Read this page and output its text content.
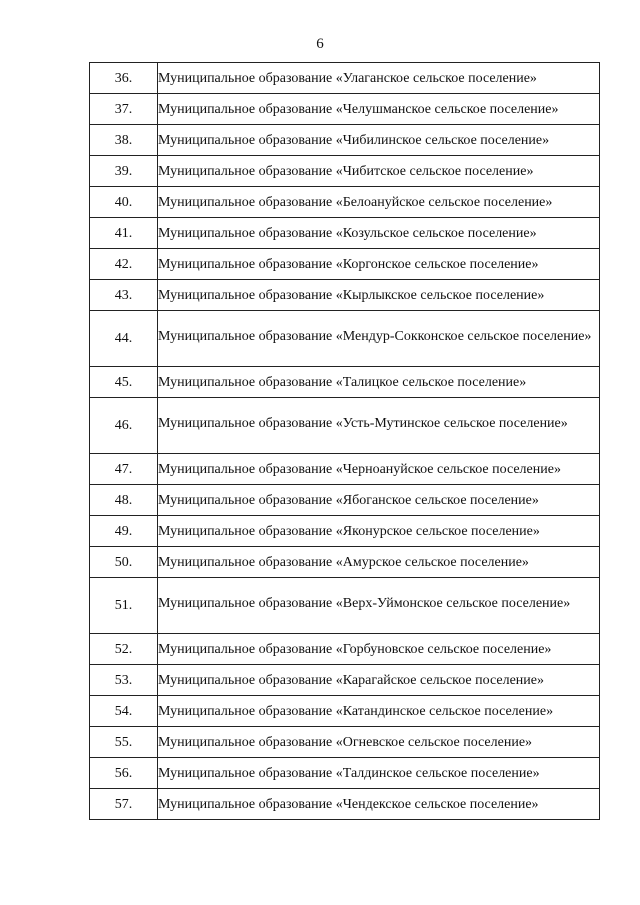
6
36.	Муниципальное образование «Улаганское сельское поселение»
37.	Муниципальное образование «Челушманское сельское поселение»
38.	Муниципальное образование «Чибилинское сельское поселение»
39.	Муниципальное образование «Чибитское сельское поселение»
40.	Муниципальное образование «Белоануйское сельское поселение»
41.	Муниципальное образование «Козульское сельское поселение»
42.	Муниципальное образование «Коргонское сельское поселение»
43.	Муниципальное образование «Кырлыкское сельское поселение»
44.	Муниципальное образование «Мендур-Сокконское сельское поселение»
45.	Муниципальное образование «Талицкое сельское поселение»
46.	Муниципальное образование «Усть-Мутинское сельское поселение»
47.	Муниципальное образование «Черноануйское сельское поселение»
48.	Муниципальное образование «Ябоганское сельское поселение»
49.	Муниципальное образование «Яконурское сельское поселение»
50.	Муниципальное образование «Амурское сельское поселение»
51.	Муниципальное образование «Верх-Уймонское сельское поселение»
52.	Муниципальное образование «Горбуновское сельское поселение»
53.	Муниципальное образование «Карагайское сельское поселение»
54.	Муниципальное образование «Катандинское сельское поселение»
55.	Муниципальное образование «Огневское сельское поселение»
56.	Муниципальное образование «Талдинское сельское поселение»
57.	Муниципальное образование «Чендекское сельское поселение»
